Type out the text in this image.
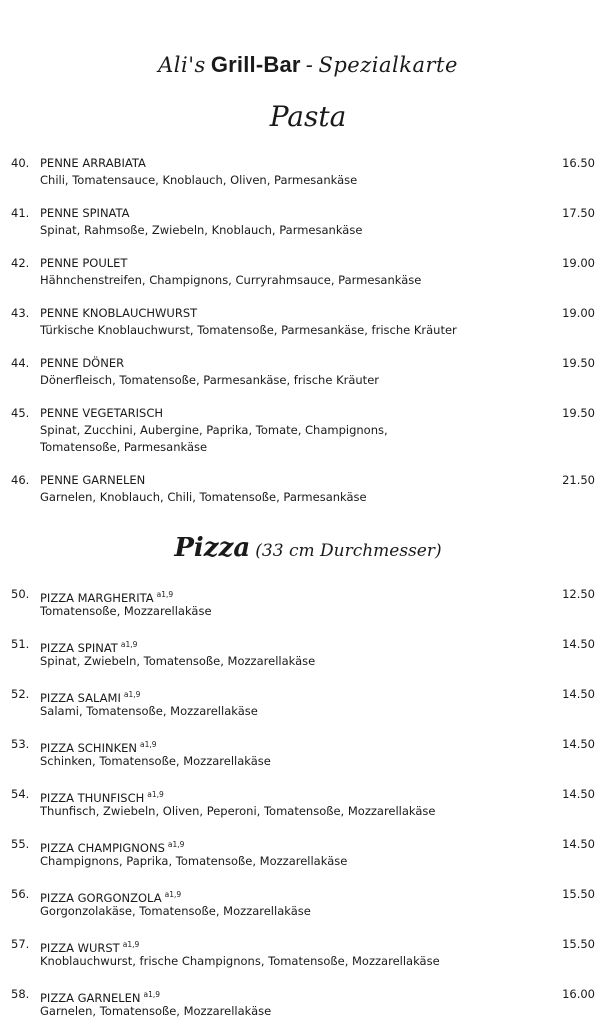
Ali's Grill-Bar - Spezialkarte
Pasta
40. PENNE ARRABIATA
Chili, Tomatensauce, Knoblauch, Oliven, Parmesankäse
16.50
41. PENNE SPINATA
Spinat, Rahmsoße, Zwiebeln, Knoblauch, Parmesankäse
17.50
42. PENNE POULET
Hähnchenstreifen, Champignons, Curryrahmsauce, Parmesankäse
19.00
43. PENNE KNOBLAUCHWURST
Türkische Knoblauchwurst, Tomatensoße, Parmesankäse, frische Kräuter
19.00
44. PENNE DÖNER
Dönerfleisch, Tomatensoße, Parmesankäse, frische Kräuter
19.50
45. PENNE VEGETARISCH
Spinat, Zucchini, Aubergine, Paprika, Tomate, Champignons,
Tomatensoße, Parmesankäse
19.50
46. PENNE GARNELEN
Garnelen, Knoblauch, Chili, Tomatensoße, Parmesankäse
21.50
Pizza (33 cm Durchmesser)
50. PIZZA MARGHERITA $^{a1,9}$
Tomatensoße, Mozzarellakäse
12.50
51. PIZZA SPINAT $^{a1,9}$
Spinat, Zwiebeln, Tomatensoße, Mozzarellakäse
14.50
52. PIZZA SALAMI $^{a1,9}$
Salami, Tomatensoße, Mozzarellakäse
14.50
53. PIZZA SCHINKEN $^{a1,9}$
Schinken, Tomatensoße, Mozzarellakäse
14.50
54. PIZZA THUNFISCH $^{a1,9}$
Thunfisch, Zwiebeln, Oliven, Peperoni, Tomatensoße, Mozzarellakäse
14.50
55. PIZZA CHAMPIGNONS $^{a1,9}$
Champignons, Paprika, Tomatensoße, Mozzarellakäse
14.50
56. PIZZA GORGONZOLA $^{a1,9}$
Gorgonzolakäse, Tomatensoße, Mozzarellakäse
15.50
57. PIZZA WURST $^{a1,9}$
Knoblauchwurst, frische Champignons, Tomatensoße, Mozzarellakäse
15.50
58. PIZZA GARNELEN $^{a1,9}$
Garnelen, Tomatensoße, Mozzarellakäse
16.00
